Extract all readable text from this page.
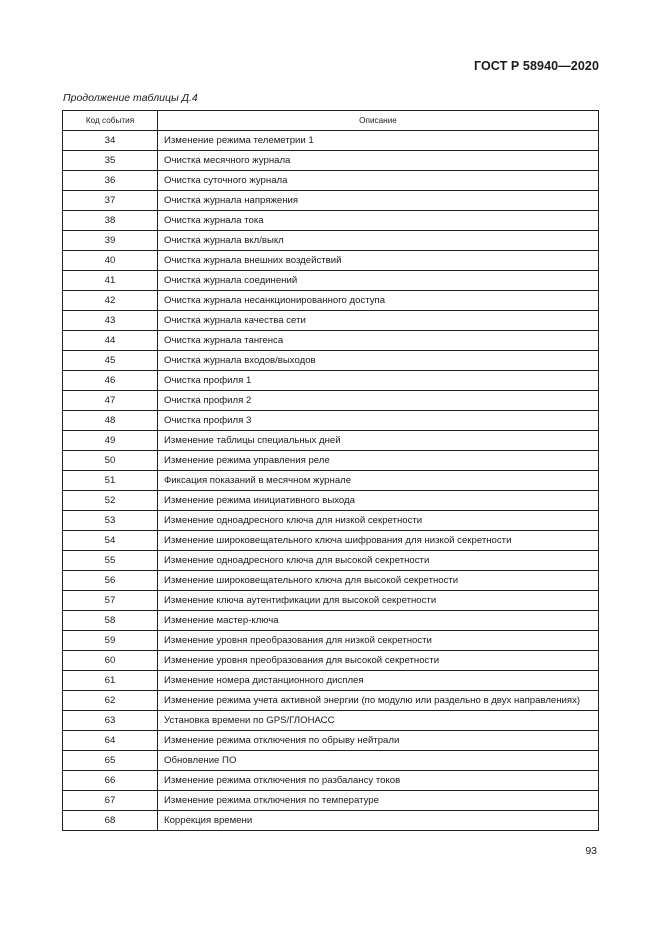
ГОСТ Р 58940—2020
Продолжение таблицы Д.4
Код события	Описание
34	Изменение режима телеметрии 1
35	Очистка месячного журнала
36	Очистка суточного журнала
37	Очистка журнала напряжения
38	Очистка журнала тока
39	Очистка журнала вкл/выкл
40	Очистка журнала внешних воздействий
41	Очистка журнала соединений
42	Очистка журнала несанкционированного доступа
43	Очистка журнала качества сети
44	Очистка журнала тангенса
45	Очистка журнала входов/выходов
46	Очистка профиля 1
47	Очистка профиля 2
48	Очистка профиля 3
49	Изменение таблицы специальных дней
50	Изменение режима управления реле
51	Фиксация показаний в месячном журнале
52	Изменение режима инициативного выхода
53	Изменение одноадресного ключа для низкой секретности
54	Изменение широковещательного ключа шифрования для низкой секретности
55	Изменение одноадресного ключа для высокой секретности
56	Изменение широковещательного ключа для высокой секретности
57	Изменение ключа аутентификации для высокой секретности
58	Изменение мастер-ключа
59	Изменение уровня преобразования для низкой секретности
60	Изменение уровня преобразования для высокой секретности
61	Изменение номера дистанционного дисплея
62	Изменение режима учета активной энергии (по модулю или раздельно в двух направлениях)
63	Установка времени по GPS/ГЛОНАСС
64	Изменение режима отключения по обрыву нейтрали
65	Обновление ПО
66	Изменение режима отключения по разбалансу токов
67	Изменение режима отключения по температуре
68	Коррекция времени
93
